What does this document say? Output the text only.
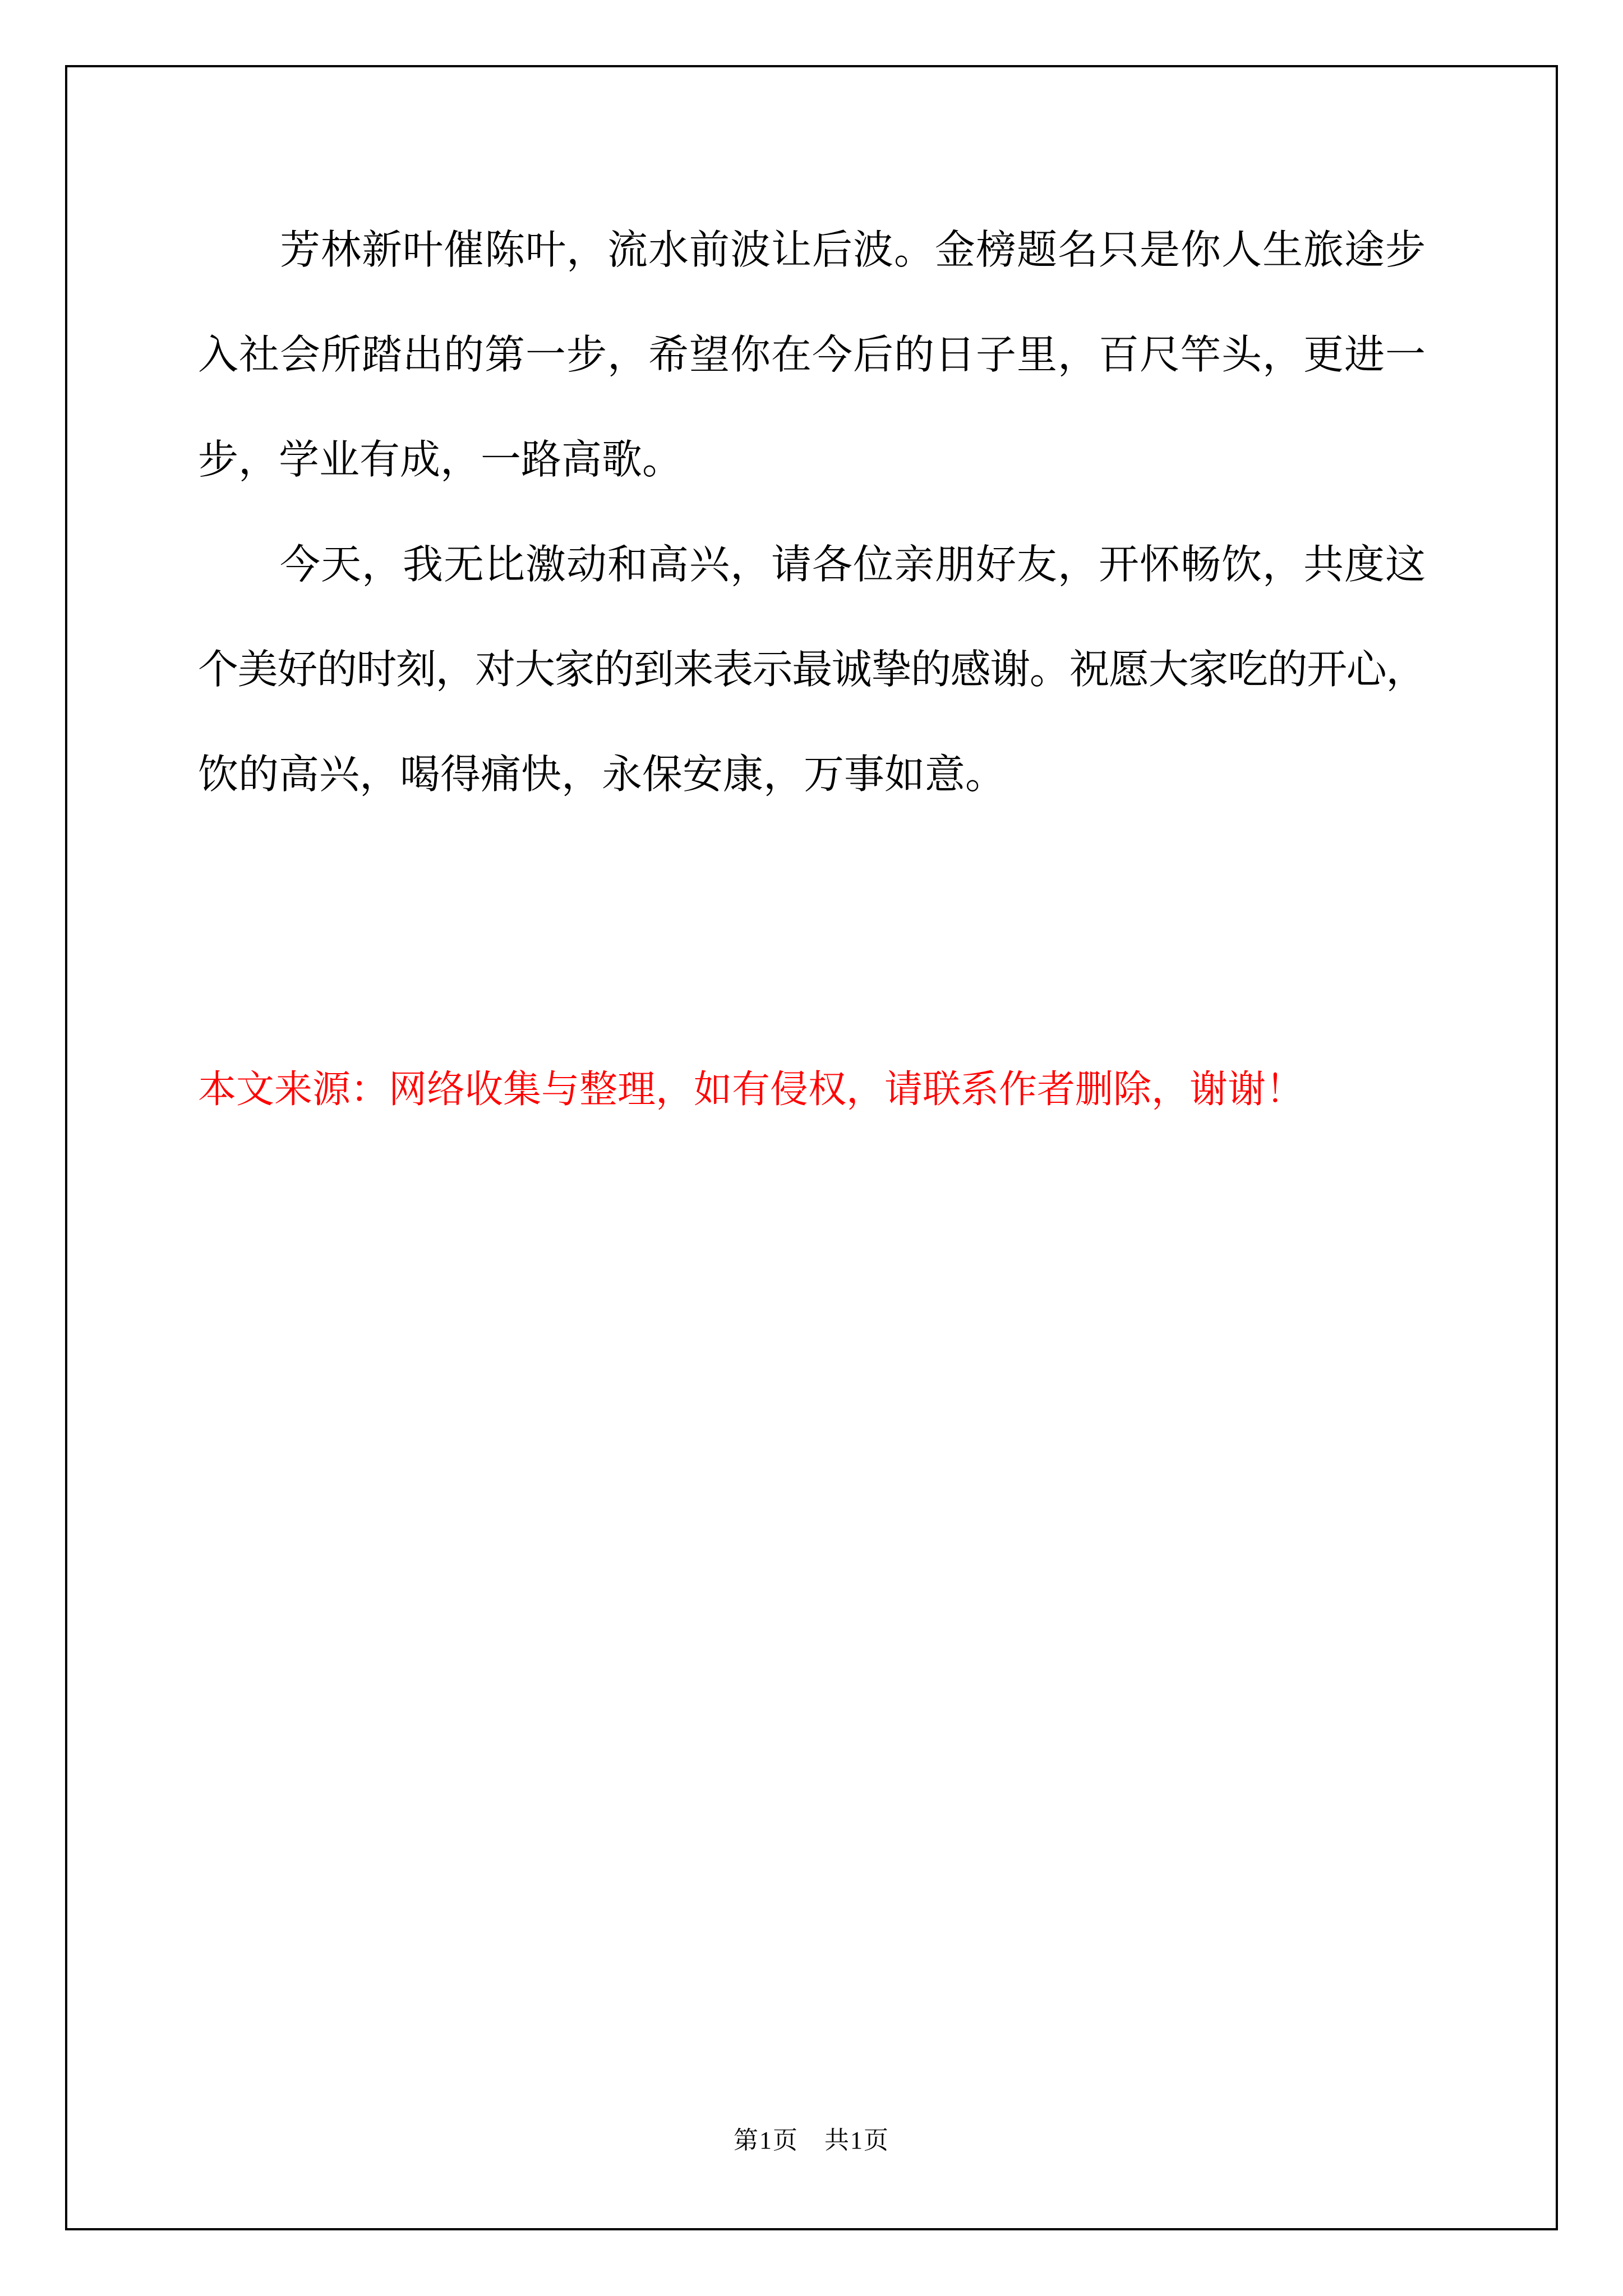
　　芳林新叶催陈叶，流水前波让后波。金榜题名只是你人生旅途步
入社会所踏出的第一步，希望你在今后的日子里，百尺竿头，更进一
步，学业有成，一路高歌。
　　今天，我无比激动和高兴，请各位亲朋好友，开怀畅饮，共度这
个美好的时刻，对大家的到来表示最诚挚的感谢。祝愿大家吃的开心，
饮的高兴，喝得痛快，永保安康，万事如意。
本文来源：网络收集与整理，如有侵权，请联系作者删除，谢谢！
第1页　共1页
